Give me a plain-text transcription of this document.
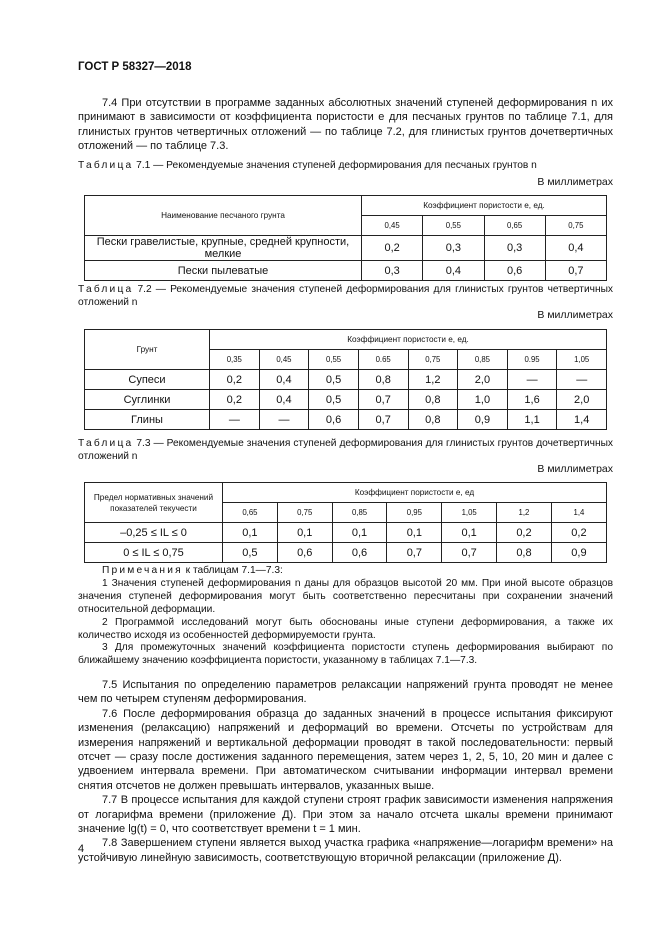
ГОСТ Р 58327—2018

7.4 При отсутствии в программе заданных абсолютных значений ступеней деформирования n их принимают в зависимости от коэффициента пористости e для песчаных грунтов по таблице 7.1, для глинистых грунтов четвертичных отложений — по таблице 7.2, для глинистых грунтов дочетвертичных отложений — по таблице 7.3.

Таблица 7.1 — Рекомендуемые значения ступеней деформирования для песчаных грунтов n
В миллиметрах
Наименование песчаного грунта	Коэффициент пористости е, ед.			
	0,45	0,55	0,65	0,75
Пески гравелистые, крупные, средней крупности, мелкие	0,2	0,3	0,3	0,4
Пески пылеватые	0,3	0,4	0,6	0,7
Таблица 7.2 — Рекомендуемые значения ступеней деформирования для глинистых грунтов четвертичных отложений n
В миллиметрах
Грунт	Коэффициент пористости е, ед.							
	0,35	0,45	0,55	0.65	0,75	0,85	0.95	1,05
Супеси	0,2	0,4	0,5	0,8	1,2	2,0	—	—
Суглинки	0,2	0,4	0,5	0,7	0,8	1,0	1,6	2,0
Глины	—	—	0,6	0,7	0,8	0,9	1,1	1,4
Таблица 7.3 — Рекомендуемые значения ступеней деформирования для глинистых грунтов дочетвертичных отложений n
В миллиметрах
Предел нормативных значений показателей текучести	Коэффициент пористости е, ед						
	0,65	0,75	0,85	0,95	1,05	1,2	1,4
–0,25 ≤ IL ≤ 0	0,1	0,1	0,1	0,1	0,1	0,2	0,2
0 ≤ IL ≤ 0,75	0,5	0,6	0,6	0,7	0,7	0,8	0,9

Примечания к таблицам 7.1—7.3:

1 Значения ступеней деформирования n даны для образцов высотой 20 мм. При иной высоте образцов значения ступеней деформирования могут быть соответственно пересчитаны при сохранении значений относительной деформации.

2 Программой исследований могут быть обоснованы иные ступени деформирования, а также их количество исходя из особенностей деформируемости грунта.

3 Для промежуточных значений коэффициента пористости ступень деформирования выбирают по ближайшему значению коэффициента пористости, указанному в таблицах 7.1—7.3.

7.5 Испытания по определению параметров релаксации напряжений грунта проводят не менее чем по четырем ступеням деформирования.

7.6 После деформирования образца до заданных значений в процессе испытания фиксируют изменения (релаксацию) напряжений и деформаций во времени. Отсчеты по устройствам для измерения напряжений и вертикальной деформации проводят в такой последовательности: первый отсчет — сразу после достижения заданного перемещения, затем через 1, 2, 5, 10, 20 мин и далее с удвоением интервала времени. При автоматическом считывании информации интервал времени снятия отсчетов не должен превышать интервалов, указанных выше.

7.7 В процессе испытания для каждой ступени строят график зависимости изменения напряжения от логарифма времени (приложение Д). При этом за начало отсчета шкалы времени принимают значение lg(t) = 0, что соответствует времени t = 1 мин.

7.8 Завершением ступени является выход участка графика «напряжение—логарифм времени» на устойчивую линейную зависимость, соответствующую вторичной релаксации (приложение Д).

4
